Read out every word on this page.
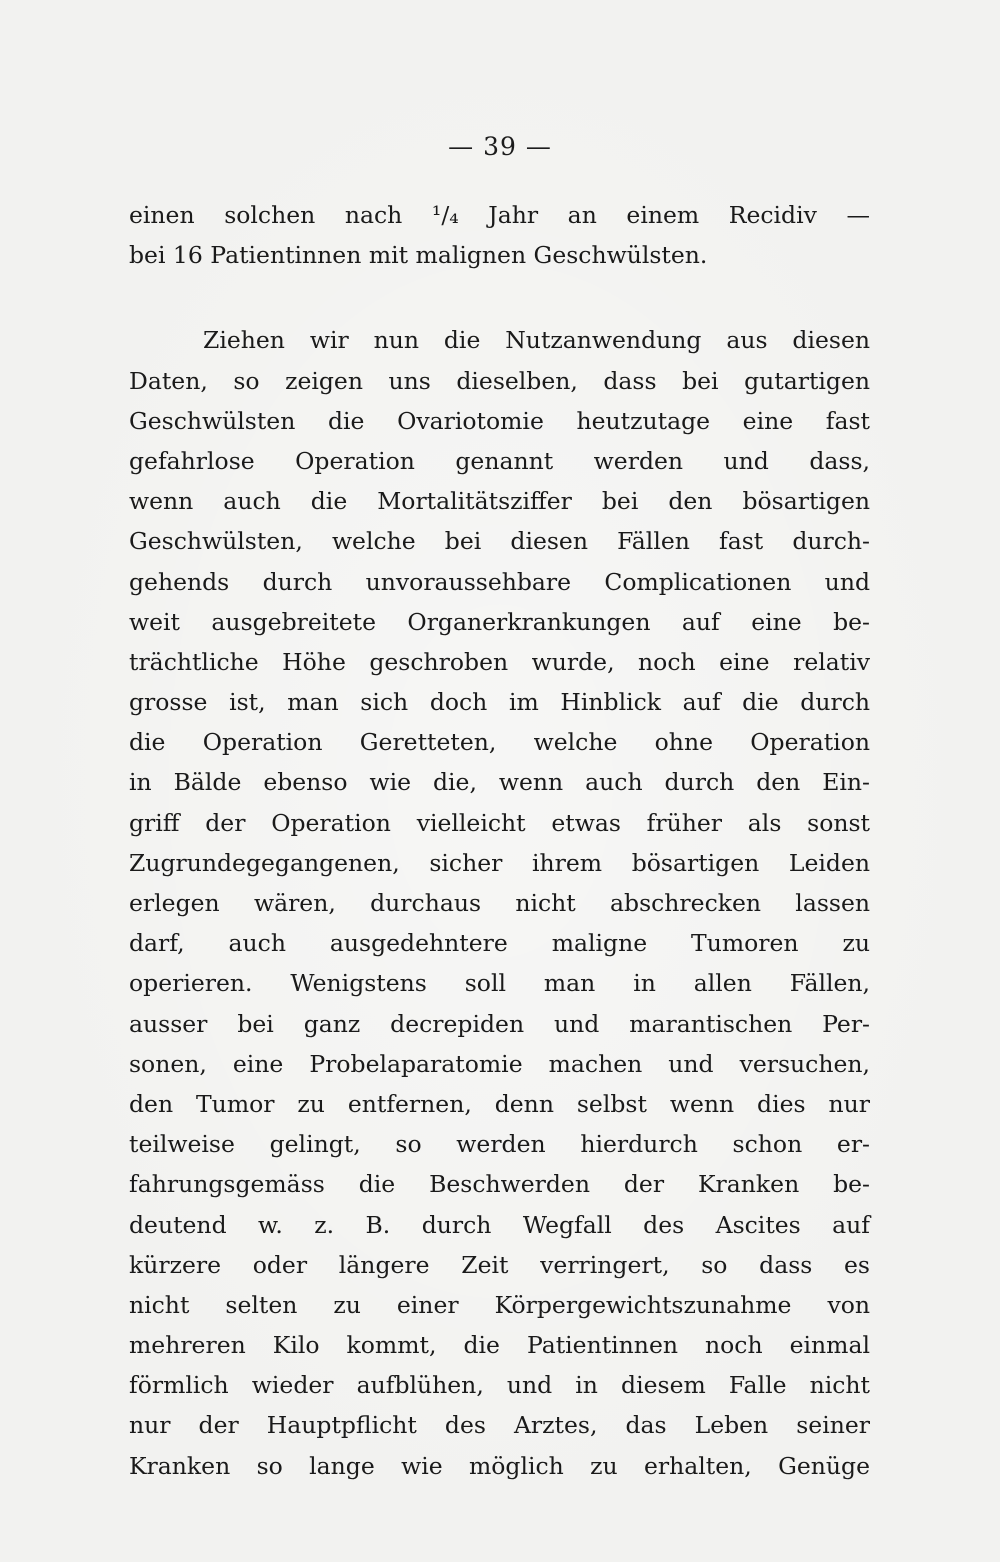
— 39 —
einen solchen nach ¹/₄ Jahr an einem Recidiv —
bei 16 Patientinnen mit malignen Geschwülsten.
Ziehen wir nun die Nutzanwendung aus diesen
Daten, so zeigen uns dieselben, dass bei gutartigen
Geschwülsten die Ovariotomie heutzutage eine fast
gefahrlose Operation genannt werden und dass,
wenn auch die Mortalitätsziffer bei den bösartigen
Geschwülsten, welche bei diesen Fällen fast durch-
gehends durch unvoraussehbare Complicationen und
weit ausgebreitete Organerkrankungen auf eine be-
trächtliche Höhe geschroben wurde, noch eine relativ
grosse ist, man sich doch im Hinblick auf die durch
die Operation Geretteten, welche ohne Operation
in Bälde ebenso wie die, wenn auch durch den Ein-
griff der Operation vielleicht etwas früher als sonst
Zugrundegegangenen, sicher ihrem bösartigen Leiden
erlegen wären, durchaus nicht abschrecken lassen
darf, auch ausgedehntere maligne Tumoren zu
operieren. Wenigstens soll man in allen Fällen,
ausser bei ganz decrepiden und marantischen Per-
sonen, eine Probelaparatomie machen und versuchen,
den Tumor zu entfernen, denn selbst wenn dies nur
teilweise gelingt, so werden hierdurch schon er-
fahrungsgemäss die Beschwerden der Kranken be-
deutend w. z. B. durch Wegfall des Ascites auf
kürzere oder längere Zeit verringert, so dass es
nicht selten zu einer Körpergewichtszunahme von
mehreren Kilo kommt, die Patientinnen noch einmal
förmlich wieder aufblühen, und in diesem Falle nicht
nur der Hauptpflicht des Arztes, das Leben seiner
Kranken so lange wie möglich zu erhalten, Genüge
